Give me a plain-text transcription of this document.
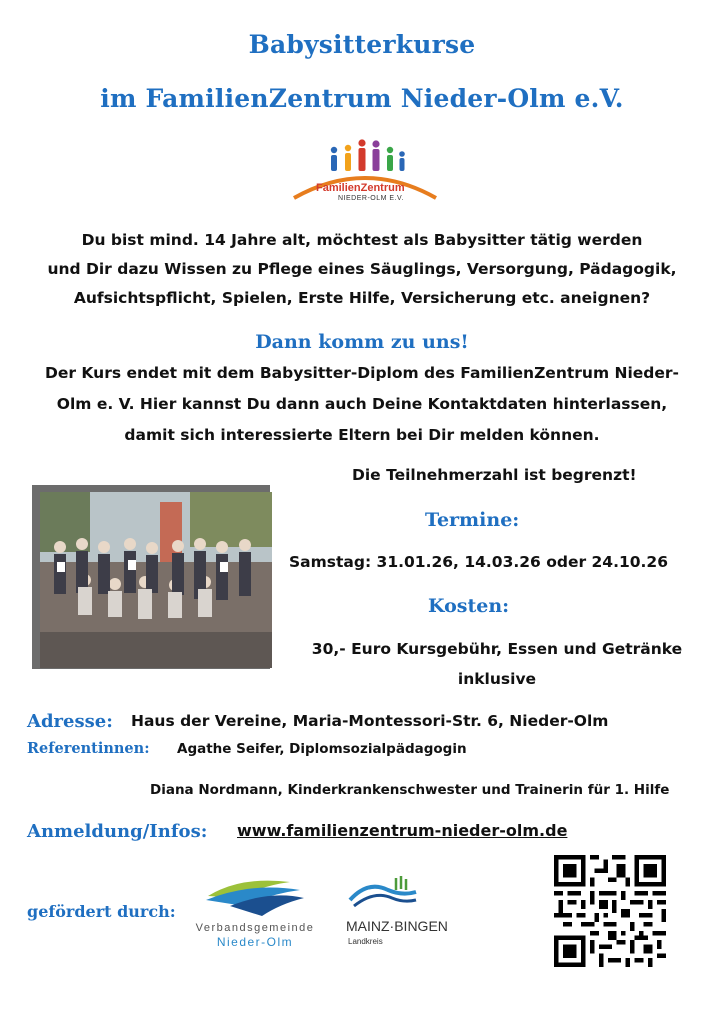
Babysitterkurse
im FamilienZentrum Nieder-Olm e.V.
FamilienZentrum
NIEDER-OLM E.V.
Du bist mind. 14 Jahre alt, möchtest als Babysitter tätig werden
und Dir dazu Wissen zu Pflege eines Säuglings, Versorgung, Pädagogik,
Aufsichtspflicht, Spielen, Erste Hilfe, Versicherung etc. aneignen?
Dann komm zu uns!
Der Kurs endet mit dem Babysitter-Diplom des FamilienZentrum Nieder-
Olm e. V. Hier kannst Du dann auch Deine Kontaktdaten hinterlassen,
damit sich interessierte Eltern bei Dir melden können.
Die Teilnehmerzahl ist begrenzt!
Termine:
Samstag: 31.01.26, 14.03.26 oder 24.10.26
Kosten:
30,- Euro Kursgebühr, Essen und Getränke
inklusive
Adresse: Haus der Vereine, Maria-Montessori-Str. 6, Nieder-Olm
Referentinnen: Agathe Seifer, Diplomsozialpädagogin
Diana Nordmann, Kinderkrankenschwester und Trainerin für 1. Hilfe
Anmeldung/Infos: www.familienzentrum-nieder-olm.de
gefördert durch:
Verbandsgemeinde
Nieder-Olm
MAINZ·BINGEN
Landkreis
